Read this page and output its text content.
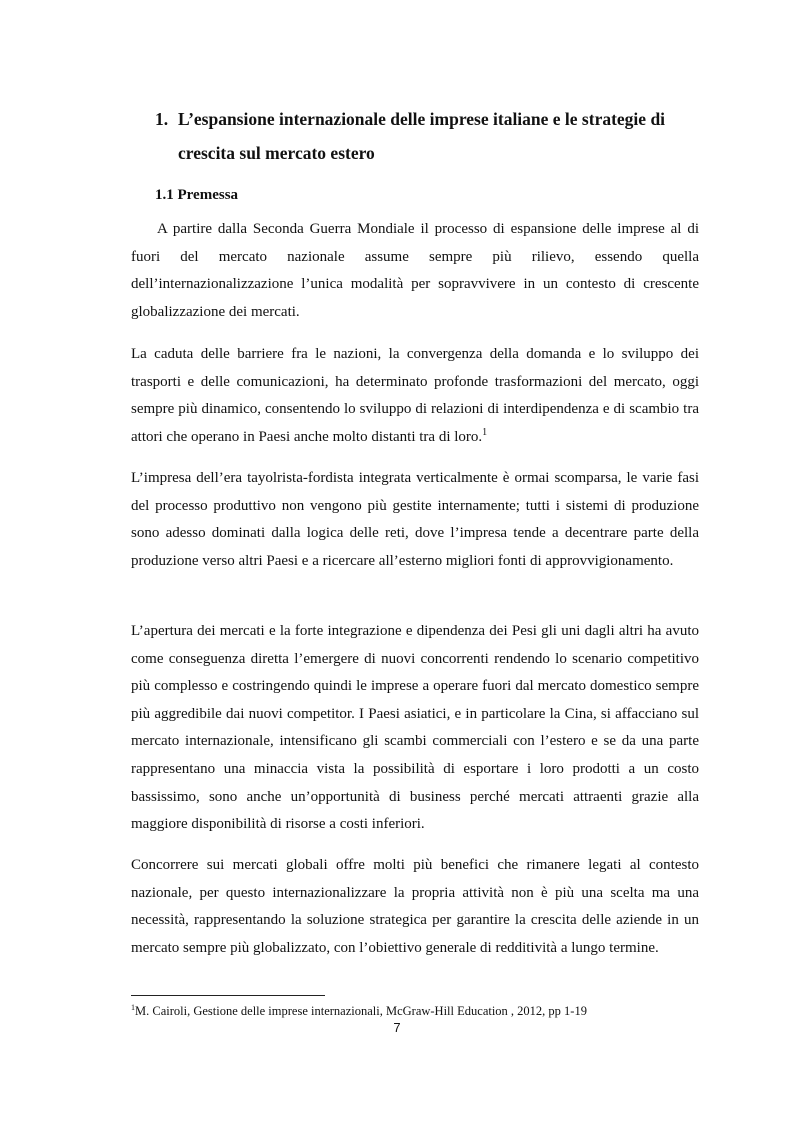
1. L’espansione internazionale delle imprese italiane e le strategie di crescita sul mercato estero
1.1 Premessa

A partire dalla Seconda Guerra Mondiale il processo di espansione delle imprese al di fuori del mercato nazionale assume sempre più rilievo, essendo quella dell’internazionalizzazione l’unica modalità per sopravvivere in un contesto di crescente globalizzazione dei mercati.

La caduta delle barriere fra le nazioni, la convergenza della domanda e lo sviluppo dei trasporti e delle comunicazioni, ha determinato profonde trasformazioni del mercato, oggi sempre più dinamico, consentendo lo sviluppo di relazioni di interdipendenza e di scambio tra attori che operano in Paesi anche molto distanti tra di loro.$^1$

L’impresa dell’era tayolrista-fordista integrata verticalmente è ormai scomparsa, le varie fasi del processo produttivo non vengono più gestite internamente; tutti i sistemi di produzione sono adesso dominati dalla logica delle reti, dove l’impresa tende a decentrare parte della produzione verso altri Paesi e a ricercare all’esterno migliori fonti di approvvigionamento.

L’apertura dei mercati e la forte integrazione e dipendenza dei Pesi gli uni dagli altri ha avuto come conseguenza diretta l’emergere di nuovi concorrenti rendendo lo scenario competitivo più complesso e costringendo quindi le imprese a operare fuori dal mercato domestico sempre più aggredibile dai nuovi competitor. I Paesi asiatici, e in particolare la Cina, si affacciano sul mercato internazionale, intensificano gli scambi commerciali con l’estero e se da una parte rappresentano una minaccia vista la possibilità di esportare i loro prodotti a un costo bassissimo, sono anche un’opportunità di business perché mercati attraenti grazie alla maggiore disponibilità di risorse a costi inferiori.

Concorrere sui mercati globali offre molti più benefici che rimanere legati al contesto nazionale, per questo internazionalizzare la propria attività non è più una scelta ma una necessità, rappresentando la soluzione strategica per garantire la crescita delle aziende in un mercato sempre più globalizzato, con l’obiettivo generale di redditività a lungo termine.

$^1$M. Cairoli, Gestione delle imprese internazionali, McGraw-Hill Education , 2012, pp 1-19

7
